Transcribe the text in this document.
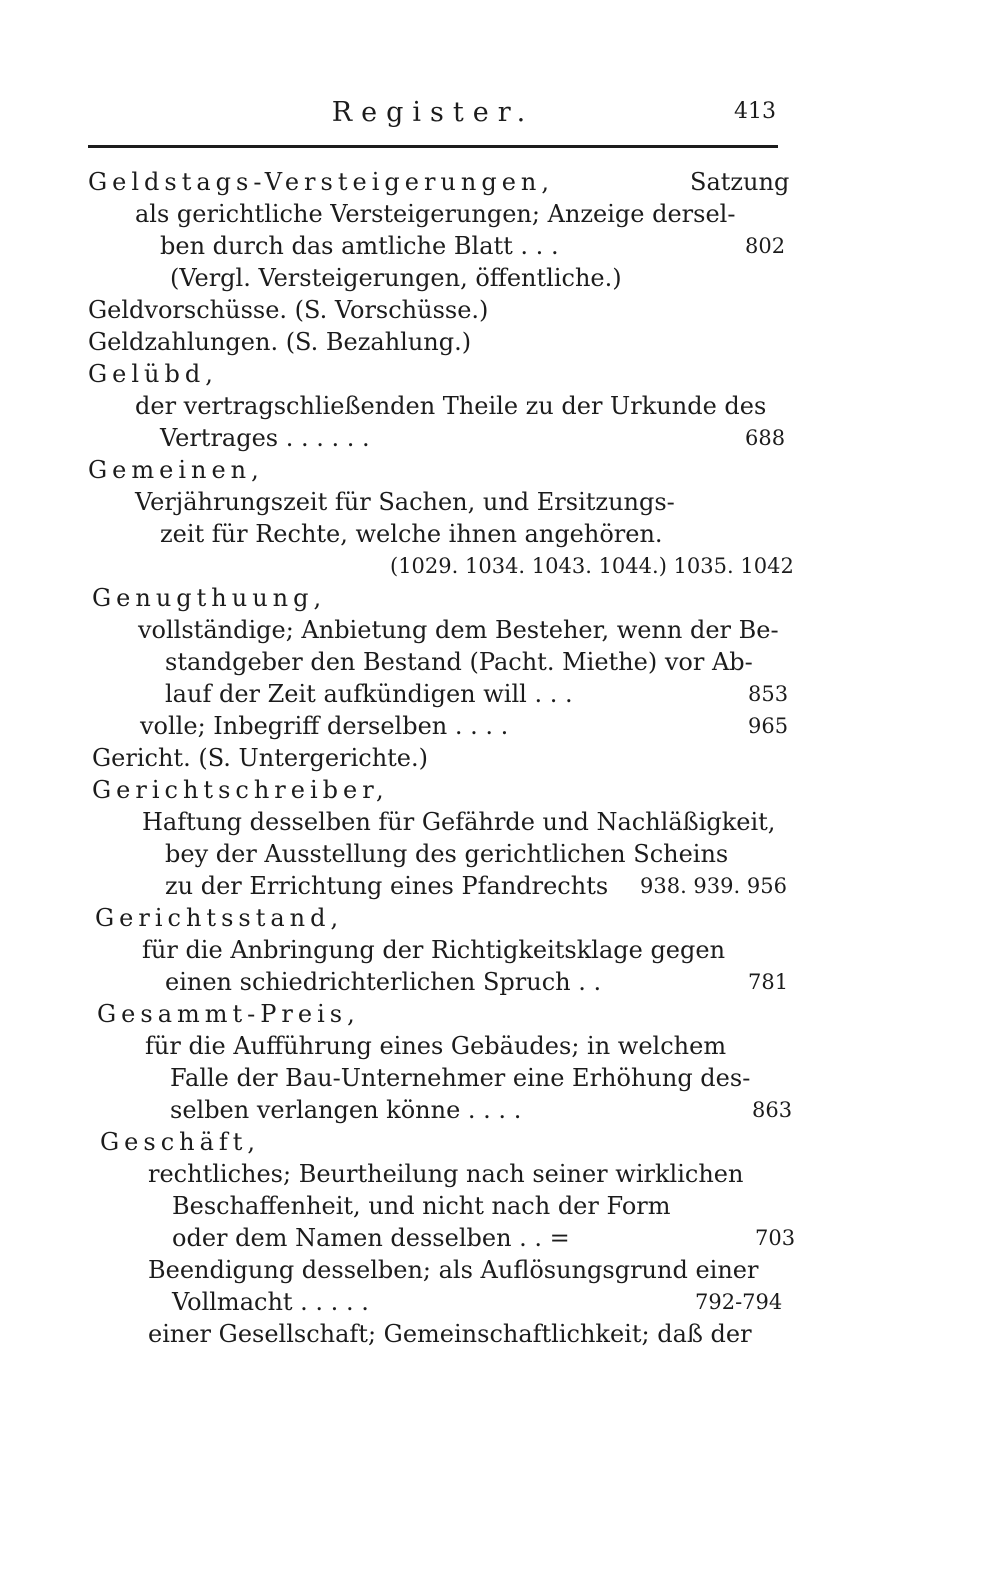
Register.	413
Geldstags-Versteigerungen,	Satzung
als gerichtliche Versteigerungen; Anzeige dersel-
ben durch das amtliche Blatt . . .	802
(Vergl. Versteigerungen, öffentliche.)
Geldvorschüsse. (S. Vorschüsse.)
Geldzahlungen. (S. Bezahlung.)
Gelübd,
der vertragschließenden Theile zu der Urkunde des
Vertrages . . . . . .	688
Gemeinen,
Verjährungszeit für Sachen, und Ersitzungs-
zeit für Rechte, welche ihnen angehören.
(1029. 1034. 1043. 1044.) 1035. 1042
Genugthuung,
vollständige; Anbietung dem Besteher, wenn der Be-
standgeber den Bestand (Pacht. Miethe) vor Ab-
lauf der Zeit aufkündigen will . . .	853
volle; Inbegriff derselben . . . .	965
Gericht. (S. Untergerichte.)
Gerichtschreiber,
Haftung desselben für Gefährde und Nachläßigkeit,
bey der Ausstellung des gerichtlichen Scheins
zu der Errichtung eines Pfandrechts 938. 939. 956
Gerichtsstand,
für die Anbringung der Richtigkeitsklage gegen
einen schiedrichterlichen Spruch . .	781
Gesammt-Preis,
für die Aufführung eines Gebäudes; in welchem
Falle der Bau-Unternehmer eine Erhöhung des-
selben verlangen könne . . . .	863
Geschäft,
rechtliches; Beurtheilung nach seiner wirklichen
Beschaffenheit, und nicht nach der Form
oder dem Namen desselben . . =	703
Beendigung desselben; als Auflösungsgrund einer
Vollmacht . . . . .	792-794
einer Gesellschaft; Gemeinschaftlichkeit; daß der
